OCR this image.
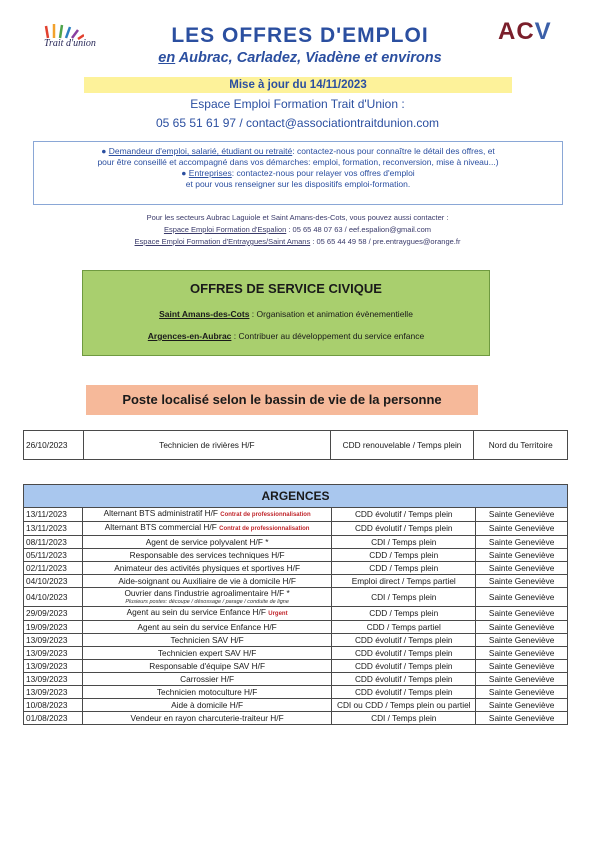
Trait d'union	ACV
LES OFFRES D'EMPLOI
en Aubrac, Carladez, Viadène et environs
Mise à jour du 14/11/2023
Espace Emploi Formation Trait d'Union :
05 65 51 61 97 / contact@associationtraitdunion.com
● Demandeur d'emploi, salarié, étudiant ou retraité: contactez-nous pour connaître le détail des offres, et
pour être conseillé et accompagné dans vos démarches: emploi, formation, reconversion, mise à niveau...)
● Entreprises: contactez-nous pour relayer vos offres d'emploi
et pour vous renseigner sur les dispositifs emploi-formation.
Pour les secteurs Aubrac Laguiole et Saint Amans-des-Cots, vous pouvez aussi contacter :
Espace Emploi Formation d'Espalion : 05 65 48 07 63 / eef.espalion@gmail.com
Espace Emploi Formation d'Entraygues/Saint Amans : 05 65 44 49 58 / pre.entraygues@orange.fr
OFFRES DE SERVICE CIVIQUE
Saint Amans-des-Cots : Organisation et animation évènementielle
Argences-en-Aubrac : Contribuer au développement du service enfance
Poste localisé selon le bassin de vie de la personne
26/10/2023	Technicien de rivières H/F	CDD renouvelable / Temps plein	Nord du Territoire
ARGENCES			
13/11/2023	Alternant BTS administratif H/F Contrat de professionnalisation	CDD évolutif / Temps plein	Sainte Geneviève
13/11/2023	Alternant BTS commercial H/F Contrat de professionnalisation	CDD évolutif / Temps plein	Sainte Geneviève
08/11/2023	Agent de service polyvalent H/F *	CDI / Temps plein	Sainte Geneviève
05/11/2023	Responsable des services techniques H/F	CDD / Temps plein	Sainte Geneviève
02/11/2023	Animateur des activités physiques et sportives H/F	CDD / Temps plein	Sainte Geneviève
04/10/2023	Aide-soignant ou Auxiliaire de vie à domicile H/F	Emploi direct / Temps partiel	Sainte Geneviève
04/10/2023	Ouvrier dans l'industrie agroalimentaire H/F *
Plusieurs postes: découpe / désossage / parage / conduite de ligne	CDI / Temps plein	Sainte Geneviève
29/09/2023	Agent au sein du service Enfance H/F Urgent	CDD / Temps plein	Sainte Geneviève
19/09/2023	Agent au sein du service Enfance H/F	CDD / Temps partiel	Sainte Geneviève
13/09/2023	Technicien SAV H/F	CDD évolutif / Temps plein	Sainte Geneviève
13/09/2023	Technicien expert SAV H/F	CDD évolutif / Temps plein	Sainte Geneviève
13/09/2023	Responsable d'équipe SAV H/F	CDD évolutif / Temps plein	Sainte Geneviève
13/09/2023	Carrossier H/F	CDD évolutif / Temps plein	Sainte Geneviève
13/09/2023	Technicien motoculture H/F	CDD évolutif / Temps plein	Sainte Geneviève
10/08/2023	Aide à domicile H/F	CDI ou CDD / Temps plein ou partiel	Sainte Geneviève
01/08/2023	Vendeur en rayon charcuterie-traiteur H/F	CDI / Temps plein	Sainte Geneviève
